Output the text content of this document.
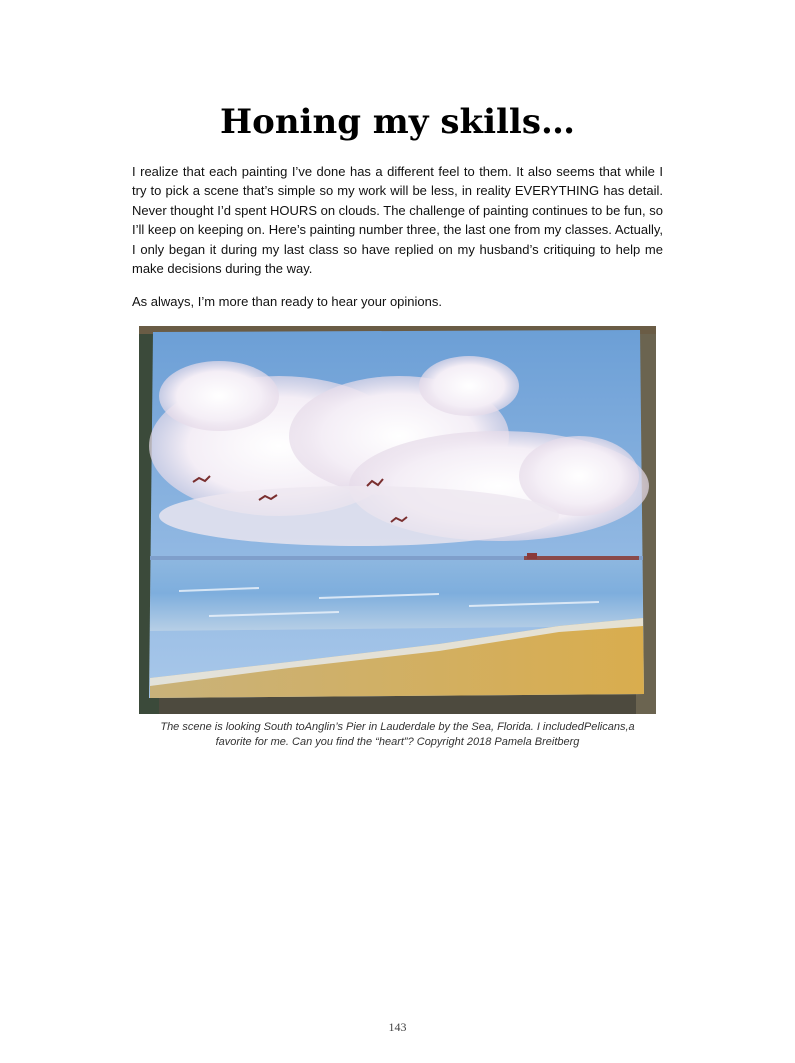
Honing my skills…

I realize that each painting I’ve done has a different feel to them. It also seems that while I try to pick a scene that’s simple so my work will be less, in reality EVERYTHING has detail. Never thought I’d spent HOURS on clouds. The challenge of painting continues to be fun, so I’ll keep on keeping on. Here’s painting number three, the last one from my classes. Actually, I only began it during my last class so have replied on my husband’s critiquing to help me make decisions during the way.

As always, I’m more than ready to hear your opinions.

The scene is looking South toAnglin’s Pier in Lauderdale by the Sea, Florida. I includedPelicans,a
favorite for me. Can you find the “heart”? Copyright 2018 Pamela Breitberg

143
